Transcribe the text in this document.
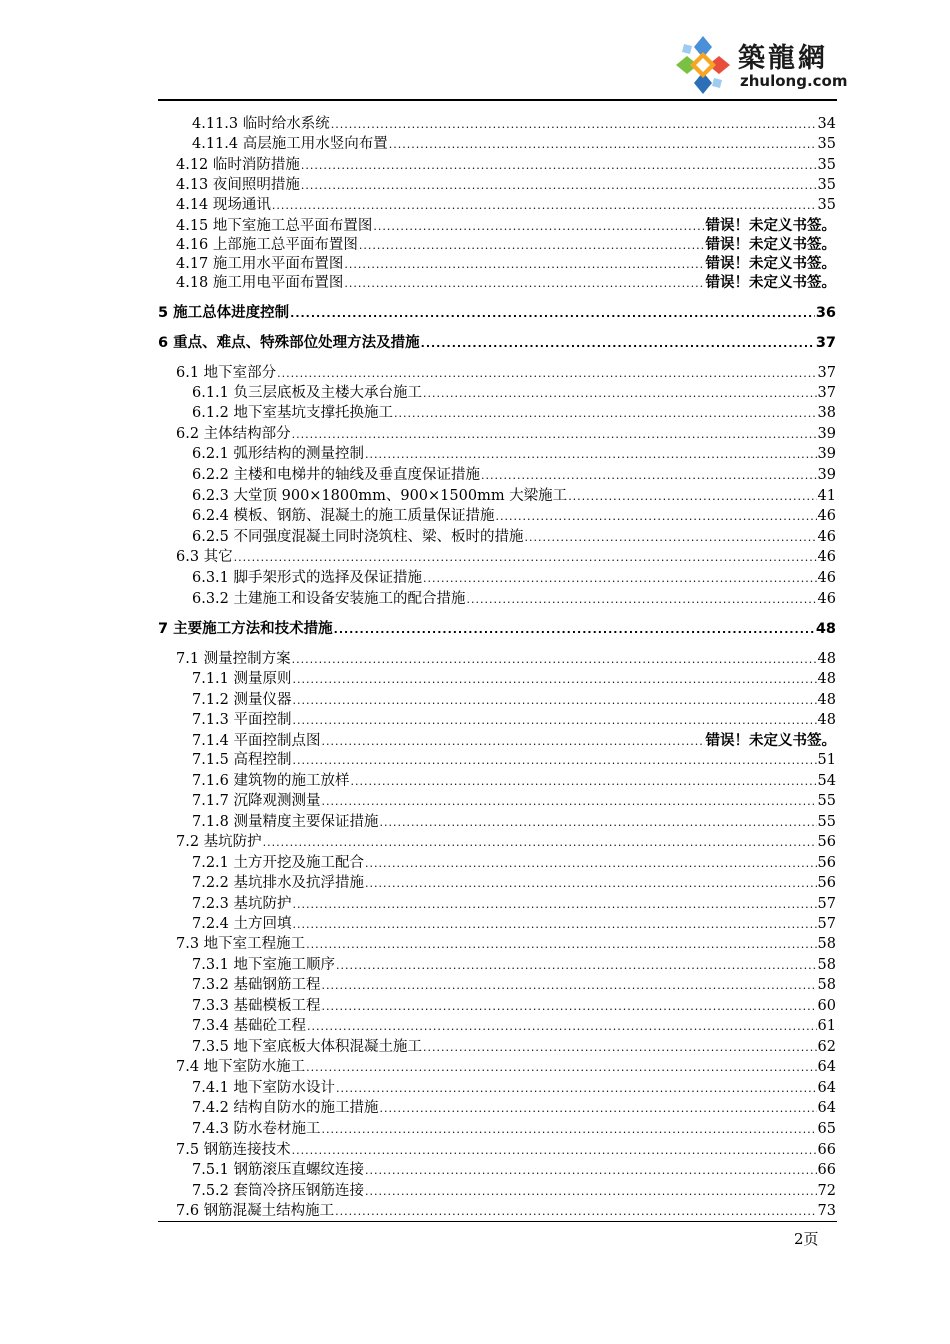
築龍網
zhulong.com
4.11.3 临时给水系统 .....	34
4.11.4 高层施工用水竖向布置 .....	35
4.12 临时消防措施 .....	35
4.13 夜间照明措施 .....	35
4.14 现场通讯 .....	35
4.15 地下室施工总平面布置图 .....	错误！未定义书签。
4.16 上部施工总平面布置图 .....	错误！未定义书签。
4.17 施工用水平面布置图 .....	错误！未定义书签。
4.18 施工用电平面布置图 .....	错误！未定义书签。
5 施工总体进度控制 .....	36
6 重点、难点、特殊部位处理方法及措施 .....	37
6.1 地下室部分 .....	37
6.1.1 负三层底板及主楼大承台施工 .....	37
6.1.2 地下室基坑支撑托换施工 .....	38
6.2 主体结构部分 .....	39
6.2.1 弧形结构的测量控制 .....	39
6.2.2 主楼和电梯井的轴线及垂直度保证措施 .....	39
6.2.3 大堂顶 900×1800mm、900×1500mm 大梁施工 .....	41
6.2.4 模板、钢筋、混凝土的施工质量保证措施 .....	46
6.2.5 不同强度混凝土同时浇筑柱、梁、板时的措施 .....	46
6.3 其它 .....	46
6.3.1 脚手架形式的选择及保证措施 .....	46
6.3.2 土建施工和设备安装施工的配合措施 .....	46
7 主要施工方法和技术措施 .....	48
7.1 测量控制方案 .....	48
7.1.1 测量原则 .....	48
7.1.2 测量仪器 .....	48
7.1.3 平面控制 .....	48
7.1.4 平面控制点图 .....	错误！未定义书签。
7.1.5 高程控制 .....	51
7.1.6 建筑物的施工放样 .....	54
7.1.7 沉降观测测量 .....	55
7.1.8 测量精度主要保证措施 .....	55
7.2 基坑防护 .....	56
7.2.1 土方开挖及施工配合 .....	56
7.2.2 基坑排水及抗浮措施 .....	56
7.2.3 基坑防护 .....	57
7.2.4 土方回填 .....	57
7.3 地下室工程施工 .....	58
7.3.1 地下室施工顺序 .....	58
7.3.2 基础钢筋工程 .....	58
7.3.3 基础模板工程 .....	60
7.3.4 基础砼工程 .....	61
7.3.5 地下室底板大体积混凝土施工 .....	62
7.4 地下室防水施工 .....	64
7.4.1 地下室防水设计 .....	64
7.4.2 结构自防水的施工措施 .....	64
7.4.3 防水卷材施工 .....	65
7.5 钢筋连接技术 .....	66
7.5.1 钢筋滚压直螺纹连接 .....	66
7.5.2 套筒冷挤压钢筋连接 .....	72
7.6 钢筋混凝土结构施工 .....	73
2页
